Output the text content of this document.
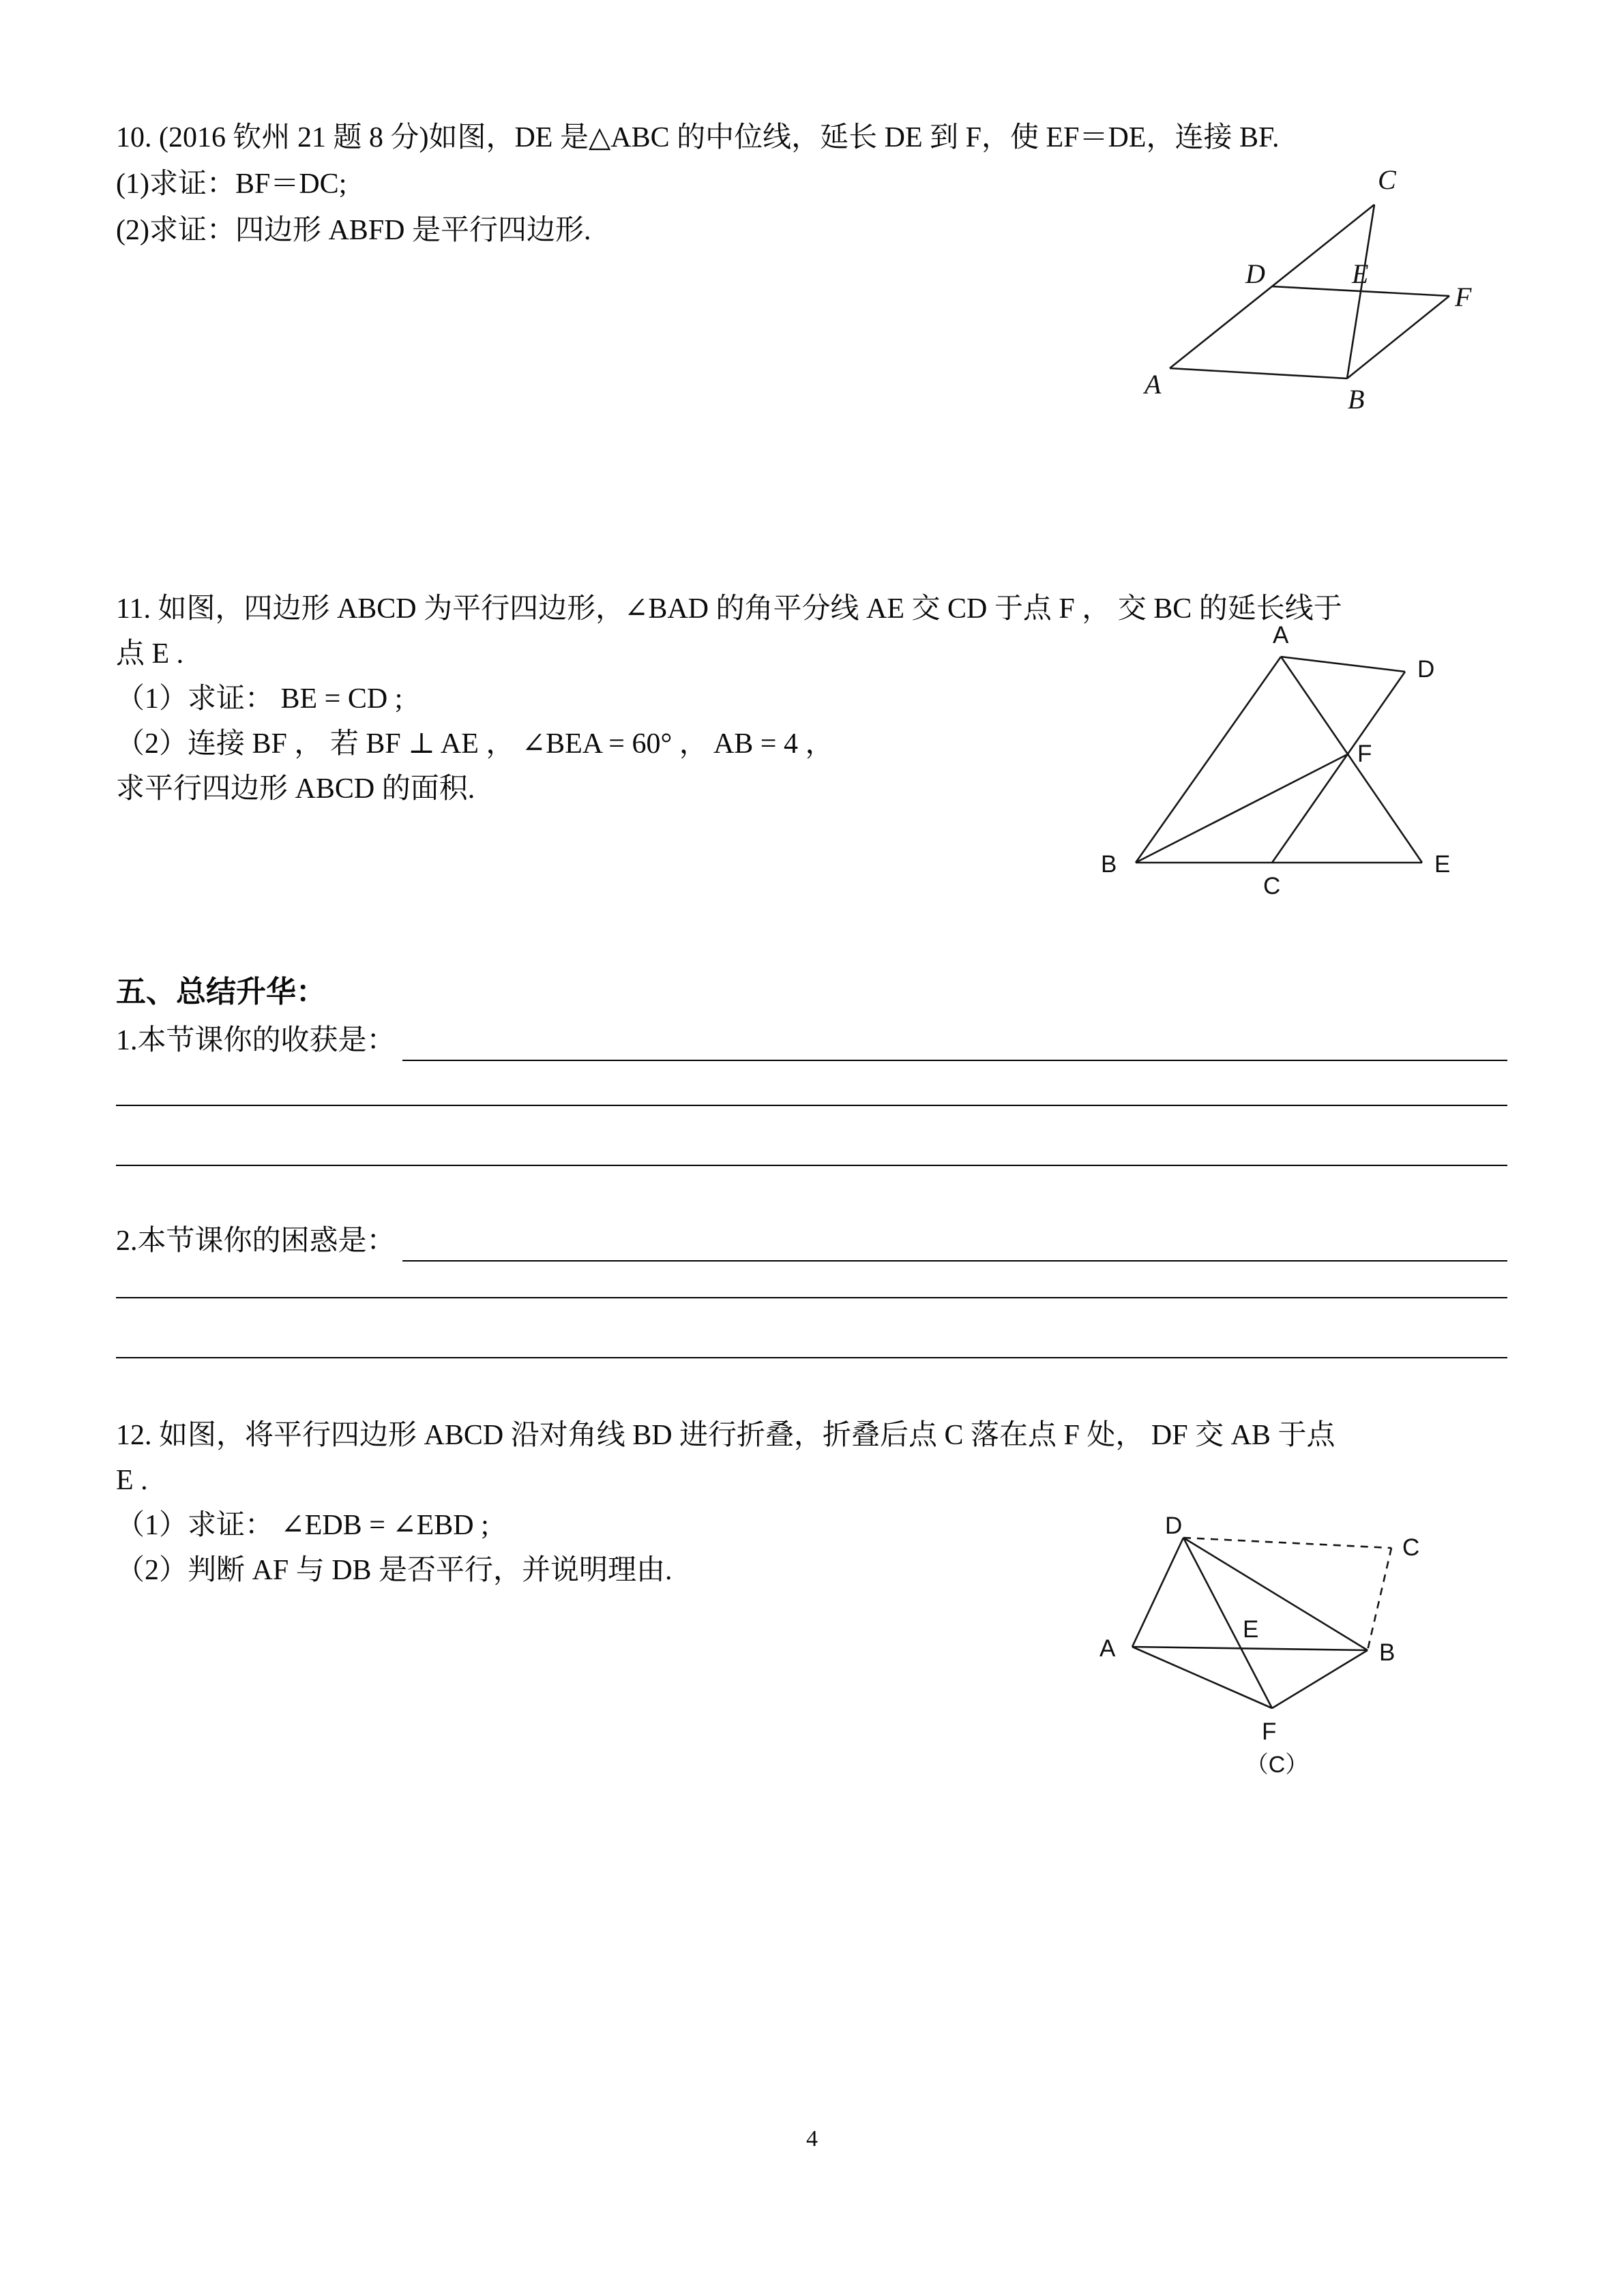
10. (2016 钦州 21 题 8 分)如图，DE 是△ABC 的中位线，延长 DE 到 F，使 EF＝DE，连接 BF.
(1)求证：BF＝DC;
(2)求证：四边形 ABFD 是平行四边形.
A	B
C
D	E
F
11. 如图，四边形 ABCD 为平行四边形，∠BAD 的角平分线 AE 交 CD 于点 F ， 交 BC 的延长线于
点 E .
（1）求证： BE = CD ;
（2）连接 BF ， 若 BF ⊥ AE ， ∠BEA = 60° ， AB = 4 ，
求平行四边形 ABCD 的面积.
A
B
C
D
E
F
五、总结升华：
1.本节课你的收获是：
2.本节课你的困惑是：
12. 如图，将平行四边形 ABCD 沿对角线 BD 进行折叠，折叠后点 C 落在点 F 处， DF 交 AB 于点
E .
（1）求证： ∠EDB = ∠EBD ;
（2）判断 AF 与 DB 是否平行，并说明理由.
D
C
A	B
E
F
（C）
4
